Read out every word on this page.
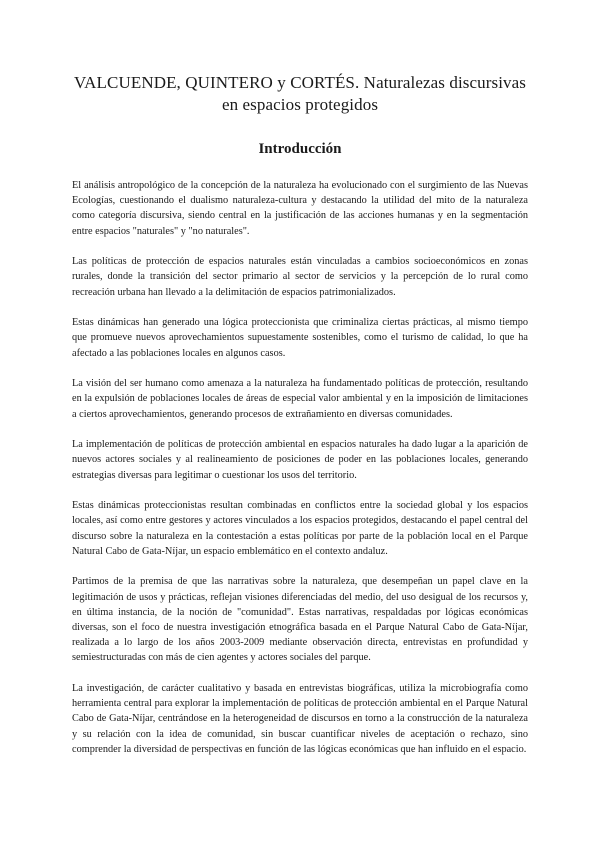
VALCUENDE, QUINTERO y CORTÉS. Naturalezas discursivas en espacios protegidos
Introducción

El análisis antropológico de la concepción de la naturaleza ha evolucionado con el surgimiento de las Nuevas Ecologías, cuestionando el dualismo naturaleza-cultura y destacando la utilidad del mito de la naturaleza como categoría discursiva, siendo central en la justificación de las acciones humanas y en la segmentación entre espacios "naturales" y "no naturales".

Las políticas de protección de espacios naturales están vinculadas a cambios socioeconómicos en zonas rurales, donde la transición del sector primario al sector de servicios y la percepción de lo rural como recreación urbana han llevado a la delimitación de espacios patrimonializados.

Estas dinámicas han generado una lógica proteccionista que criminaliza ciertas prácticas, al mismo tiempo que promueve nuevos aprovechamientos supuestamente sostenibles, como el turismo de calidad, lo que ha afectado a las poblaciones locales en algunos casos.

La visión del ser humano como amenaza a la naturaleza ha fundamentado políticas de protección, resultando en la expulsión de poblaciones locales de áreas de especial valor ambiental y en la imposición de limitaciones a ciertos aprovechamientos, generando procesos de extrañamiento en diversas comunidades.

La implementación de políticas de protección ambiental en espacios naturales ha dado lugar a la aparición de nuevos actores sociales y al realineamiento de posiciones de poder en las poblaciones locales, generando estrategias diversas para legitimar o cuestionar los usos del territorio.

Estas dinámicas proteccionistas resultan combinadas en conflictos entre la sociedad global y los espacios locales, así como entre gestores y actores vinculados a los espacios protegidos, destacando el papel central del discurso sobre la naturaleza en la contestación a estas políticas por parte de la población local en el Parque Natural Cabo de Gata-Níjar, un espacio emblemático en el contexto andaluz.

Partimos de la premisa de que las narrativas sobre la naturaleza, que desempeñan un papel clave en la legitimación de usos y prácticas, reflejan visiones diferenciadas del medio, del uso desigual de los recursos y, en última instancia, de la noción de "comunidad". Estas narrativas, respaldadas por lógicas económicas diversas, son el foco de nuestra investigación etnográfica basada en el Parque Natural Cabo de Gata-Níjar, realizada a lo largo de los años 2003-2009 mediante observación directa, entrevistas en profundidad y semiestructuradas con más de cien agentes y actores sociales del parque.

La investigación, de carácter cualitativo y basada en entrevistas biográficas, utiliza la microbiografía como herramienta central para explorar la implementación de políticas de protección ambiental en el Parque Natural Cabo de Gata-Níjar, centrándose en la heterogeneidad de discursos en torno a la construcción de la naturaleza y su relación con la idea de comunidad, sin buscar cuantificar niveles de aceptación o rechazo, sino comprender la diversidad de perspectivas en función de las lógicas económicas que han influido en el espacio.
